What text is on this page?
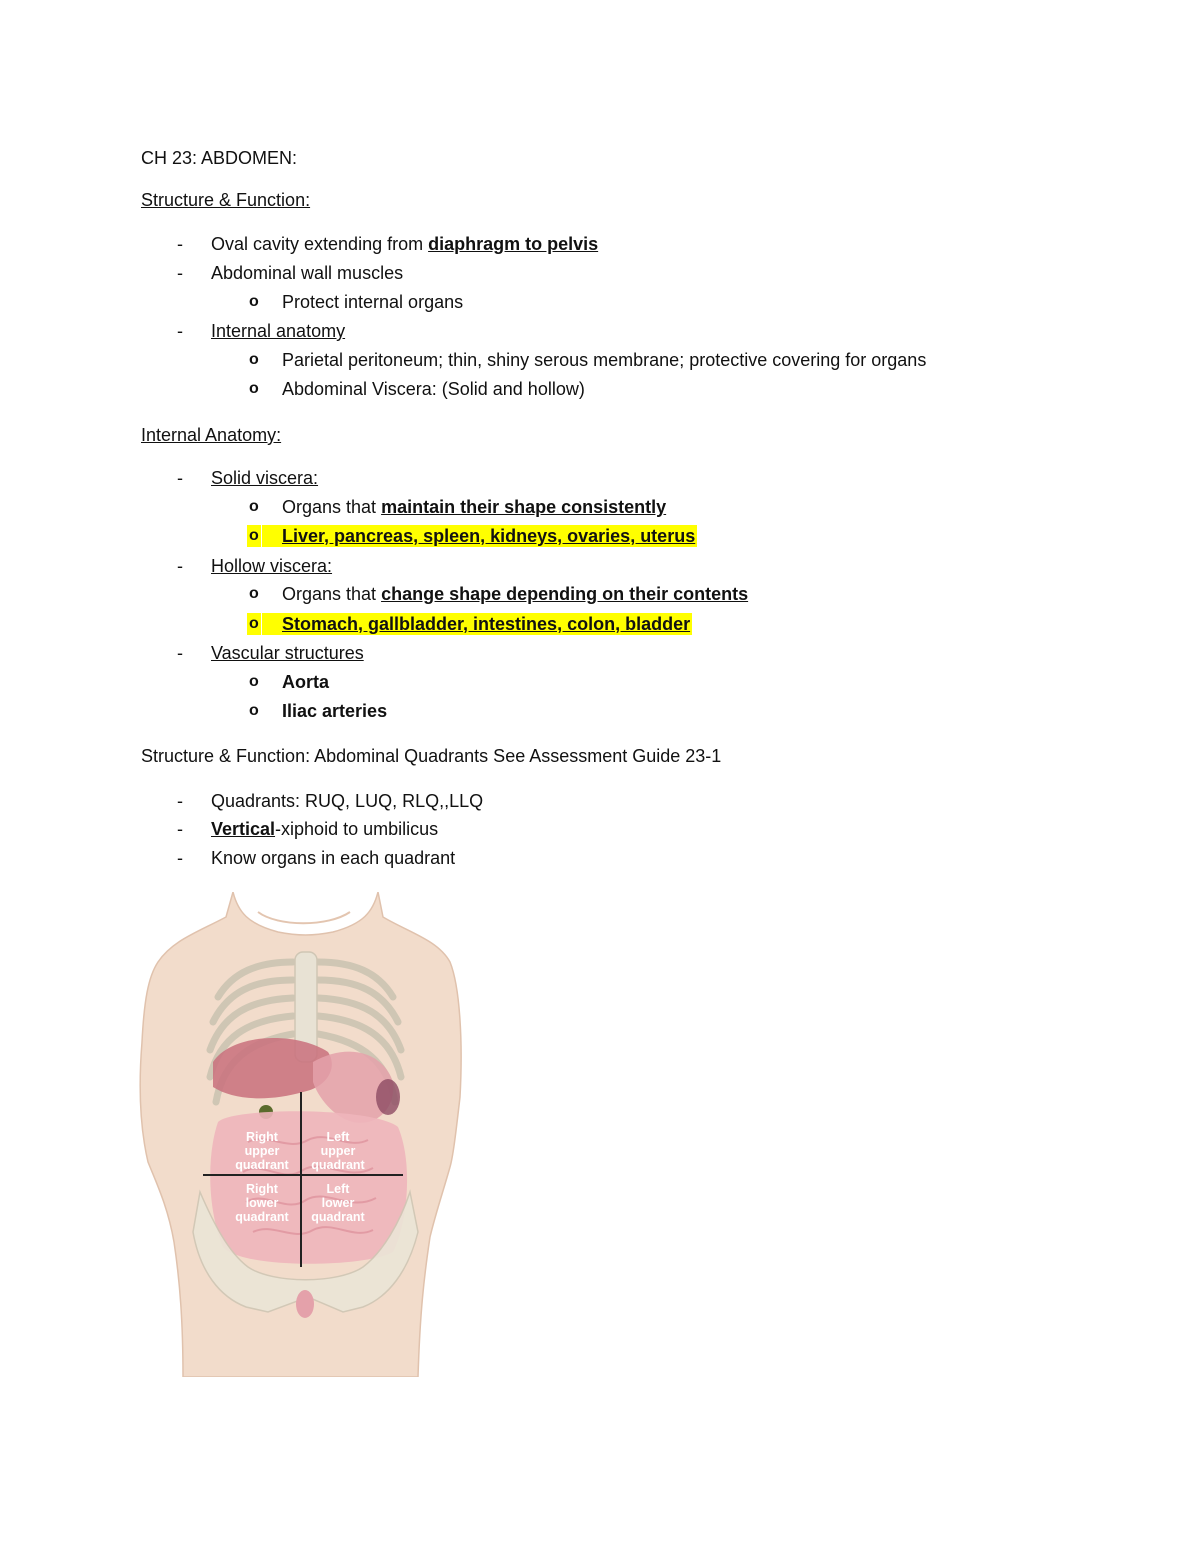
CH 23: ABDOMEN:
Structure & Function:
- Oval cavity extending from diaphragm to pelvis
- Abdominal wall muscles
o Protect internal organs
- Internal anatomy
o Parietal peritoneum; thin, shiny serous membrane; protective covering for organs
o Abdominal Viscera: (Solid and hollow)
Internal Anatomy:
- Solid viscera:
o Organs that maintain their shape consistently
o	Liver, pancreas, spleen, kidneys, ovaries, uterus
- Hollow viscera:
o Organs that change shape depending on their contents
o	Stomach, gallbladder, intestines, colon, bladder
- Vascular structures
o Aorta
o Iliac arteries
Structure & Function: Abdominal Quadrants See Assessment Guide 23-1
- Quadrants: RUQ, LUQ, RLQ,,LLQ
- Vertical-xiphoid to umbilicus
- Know organs in each quadrant
Right
upper
quadrant
Left
upper
quadrant
Right
lower
quadrant
Left
lower
quadrant
